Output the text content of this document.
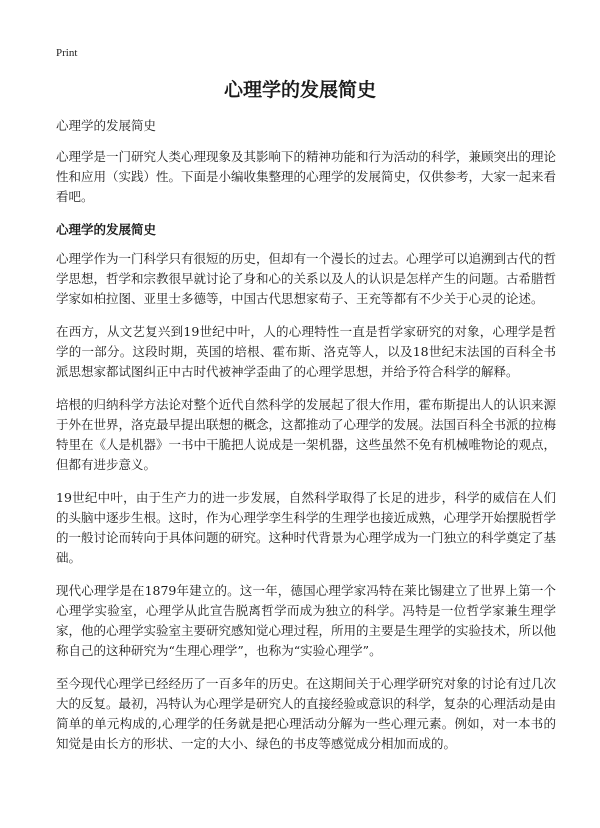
Print
心理学的发展简史
心理学的发展简史
心理学是一门研究人类心理现象及其影响下的精神功能和行为活动的科学，兼顾突出的理论性和应用（实践）性。下面是小编收集整理的心理学的发展简史，仅供参考，大家一起来看看吧。
心理学的发展简史
心理学作为一门科学只有很短的历史，但却有一个漫长的过去。心理学可以追溯到古代的哲学思想，哲学和宗教很早就讨论了身和心的关系以及人的认识是怎样产生的问题。古希腊哲学家如柏拉图、亚里士多德等，中国古代思想家荀子、王充等都有不少关于心灵的论述。
在西方，从文艺复兴到19世纪中叶，人的心理特性一直是哲学家研究的对象，心理学是哲学的一部分。这段时期，英国的培根、霍布斯、洛克等人，以及18世纪末法国的百科全书派思想家都试图纠正中古时代被神学歪曲了的心理学思想，并给予符合科学的解释。
培根的归纳科学方法论对整个近代自然科学的发展起了很大作用，霍布斯提出人的认识来源于外在世界，洛克最早提出联想的概念，这都推动了心理学的发展。法国百科全书派的拉梅特里在《人是机器》一书中干脆把人说成是一架机器，这些虽然不免有机械唯物论的观点，但都有进步意义。
19世纪中叶，由于生产力的进一步发展，自然科学取得了长足的进步，科学的威信在人们的头脑中逐步生根。这时，作为心理学孪生科学的生理学也接近成熟，心理学开始摆脱哲学的一般讨论而转向于具体问题的研究。这种时代背景为心理学成为一门独立的科学奠定了基础。
现代心理学是在1879年建立的。这一年，德国心理学家冯特在莱比锡建立了世界上第一个心理学实验室，心理学从此宣告脱离哲学而成为独立的科学。冯特是一位哲学家兼生理学家，他的心理学实验室主要研究感知觉心理过程，所用的主要是生理学的实验技术，所以他称自己的这种研究为“生理心理学”，也称为“实验心理学”。
至今现代心理学已经经历了一百多年的历史。在这期间关于心理学研究对象的讨论有过几次大的反复。最初，冯特认为心理学是研究人的直接经验或意识的科学，复杂的心理活动是由简单的单元构成的,心理学的任务就是把心理活动分解为一些心理元素。例如，对一本书的知觉是由长方的形状、一定的大小、绿色的书皮等感觉成分相加而成的。
